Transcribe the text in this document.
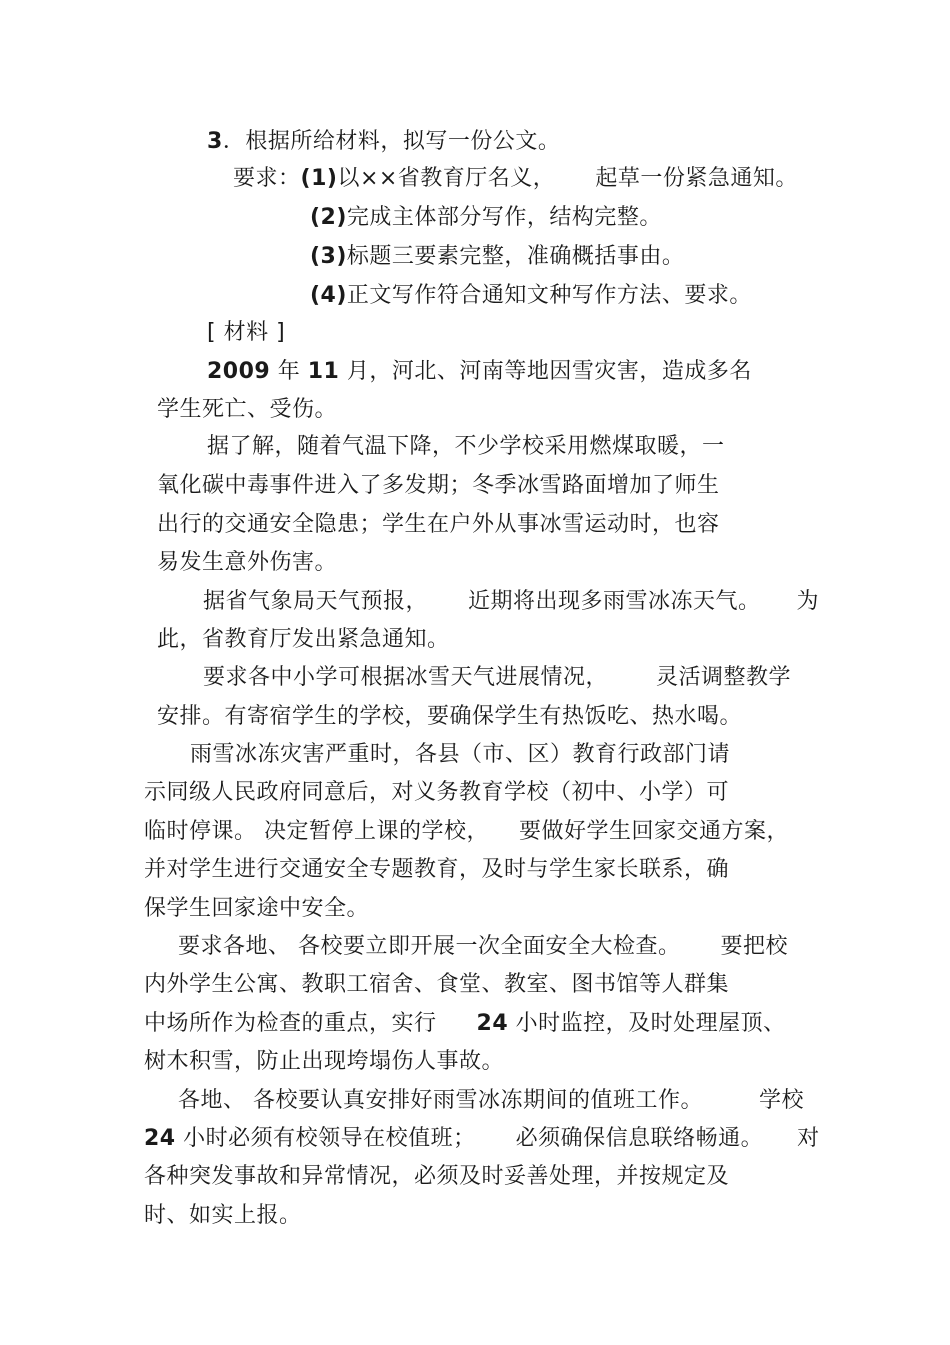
3．根据所给材料，拟写一份公文。
要求：(1)以××省教育厅名义， 起草一份紧急通知。
(2)完成主体部分写作，结构完整。
(3)标题三要素完整，准确概括事由。
(4)正文写作符合通知文种写作方法、要求。
[ 材料 ]
2009 年 11 月，河北、河南等地因雪灾害，造成多名
学生死亡、受伤。
据了解，随着气温下降，不少学校采用燃煤取暖，一
氧化碳中毒事件进入了多发期；冬季冰雪路面增加了师生
出行的交通安全隐患；学生在户外从事冰雪运动时，也容
易发生意外伤害。
据省气象局天气预报， 近期将出现多雨雪冰冻天气。 为
此，省教育厅发出紧急通知。
要求各中小学可根据冰雪天气进展情况， 灵活调整教学
安排。有寄宿学生的学校，要确保学生有热饭吃、热水喝。
雨雪冰冻灾害严重时，各县（市、区）教育行政部门请
示同级人民政府同意后，对义务教育学校（初中、小学）可
临时停课。 决定暂停上课的学校， 要做好学生回家交通方案，
并对学生进行交通安全专题教育，及时与学生家长联系，确
保学生回家途中安全。
要求各地、 各校要立即开展一次全面安全大检查。 要把校
内外学生公寓、教职工宿舍、食堂、教室、图书馆等人群集
中场所作为检查的重点，实行 24 小时监控，及时处理屋顶、
树木积雪，防止出现垮塌伤人事故。
各地、 各校要认真安排好雨雪冰冻期间的值班工作。	学校
24 小时必须有校领导在校值班； 必须确保信息联络畅通。 对
各种突发事故和异常情况，必须及时妥善处理，并按规定及
时、如实上报。
